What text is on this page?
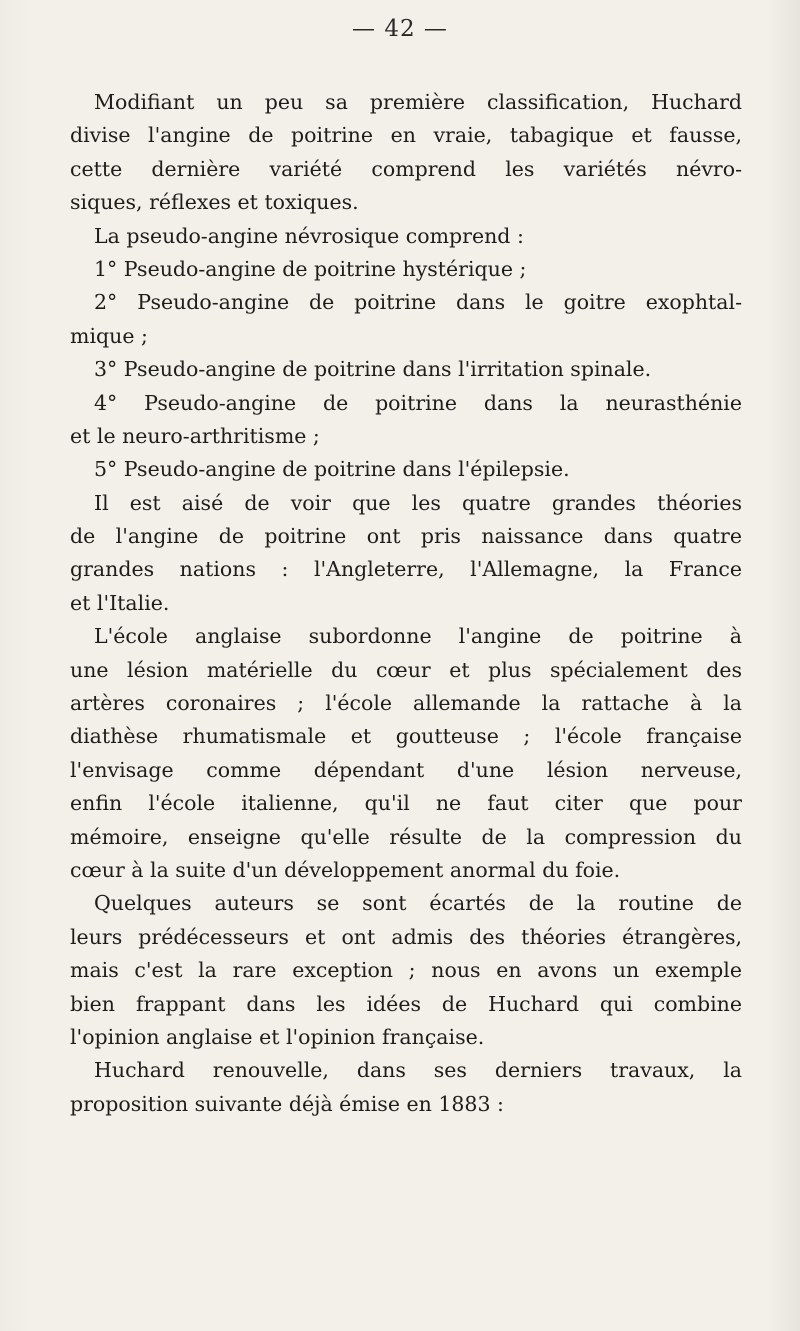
— 42 —
Modifiant un peu sa première classification, Huchard
divise l'angine de poitrine en vraie, tabagique et fausse,
cette dernière variété comprend les variétés névro-
siques, réflexes et toxiques.
La pseudo-angine névrosique comprend :
1° Pseudo-angine de poitrine hystérique ;
2° Pseudo-angine de poitrine dans le goitre exophtal-
mique ;
3° Pseudo-angine de poitrine dans l'irritation spinale.
4° Pseudo-angine de poitrine dans la neurasthénie
et le neuro-arthritisme ;
5° Pseudo-angine de poitrine dans l'épilepsie.
Il est aisé de voir que les quatre grandes théories
de l'angine de poitrine ont pris naissance dans quatre
grandes nations : l'Angleterre, l'Allemagne, la France
et l'Italie.
L'école anglaise subordonne l'angine de poitrine à
une lésion matérielle du cœur et plus spécialement des
artères coronaires ; l'école allemande la rattache à la
diathèse rhumatismale et goutteuse ; l'école française
l'envisage comme dépendant d'une lésion nerveuse,
enfin l'école italienne, qu'il ne faut citer que pour
mémoire, enseigne qu'elle résulte de la compression du
cœur à la suite d'un développement anormal du foie.
Quelques auteurs se sont écartés de la routine de
leurs prédécesseurs et ont admis des théories étrangères,
mais c'est la rare exception ; nous en avons un exemple
bien frappant dans les idées de Huchard qui combine
l'opinion anglaise et l'opinion française.
Huchard renouvelle, dans ses derniers travaux, la
proposition suivante déjà émise en 1883 :
